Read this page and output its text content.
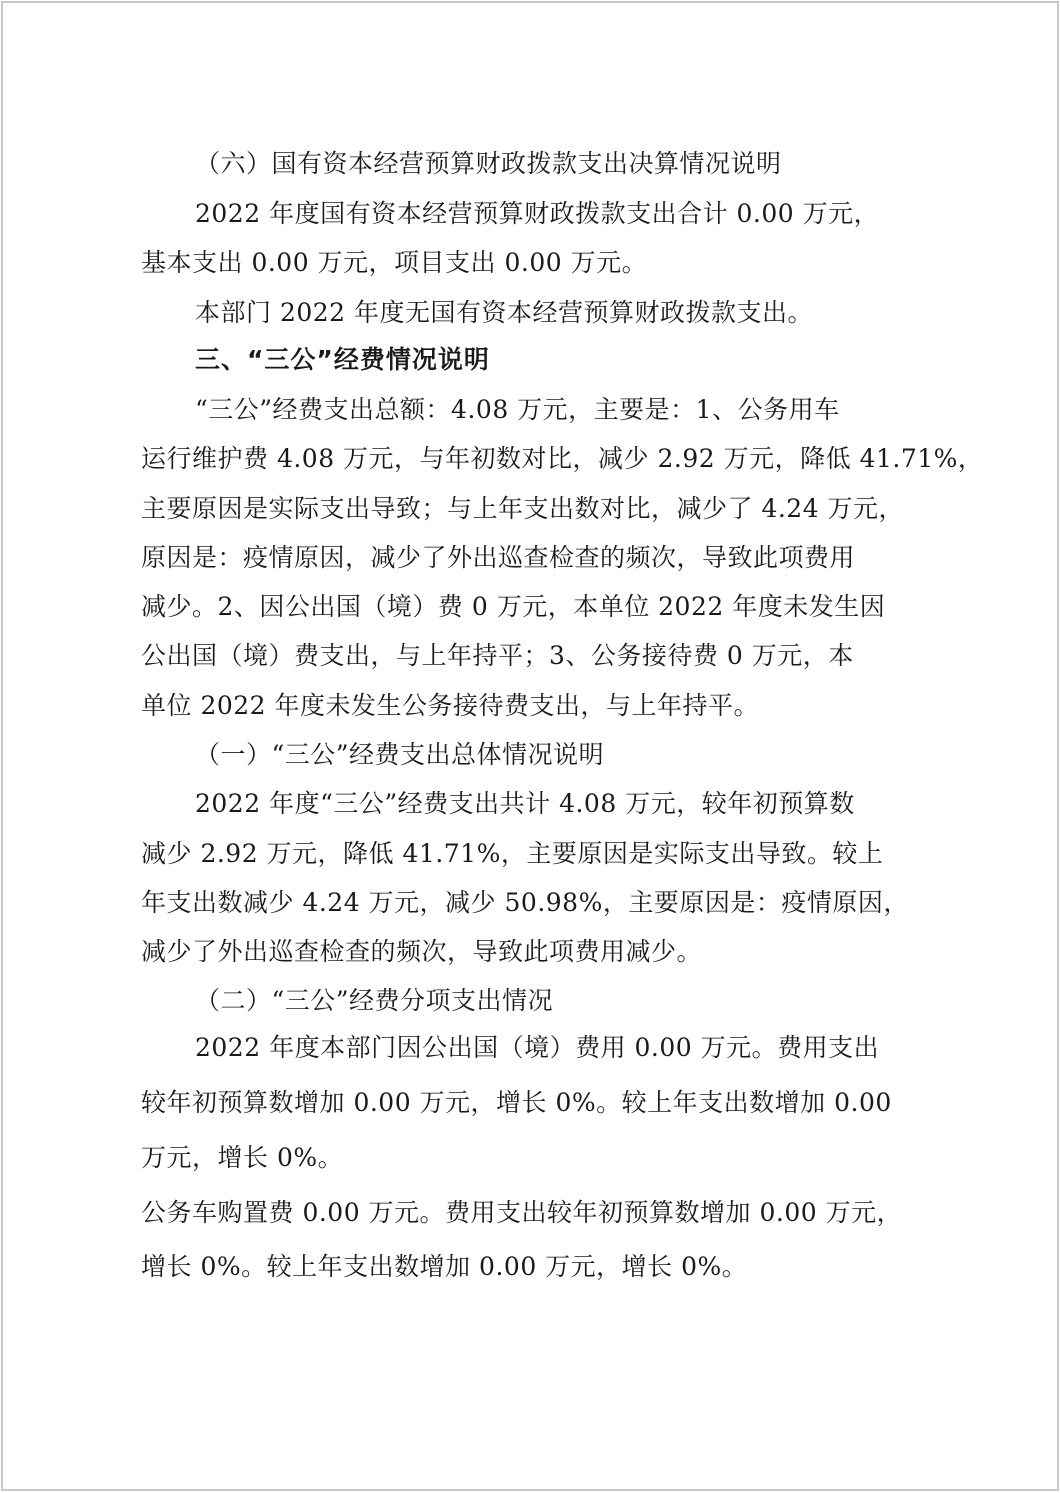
（六）国有资本经营预算财政拨款支出决算情况说明
2022 年度国有资本经营预算财政拨款支出合计 0.00 万元，
基本支出 0.00 万元，项目支出 0.00 万元。
本部门 2022 年度无国有资本经营预算财政拨款支出。
三、“三公”经费情况说明
“三公”经费支出总额：4.08 万元，主要是：1、公务用车
运行维护费 4.08 万元，与年初数对比，减少 2.92 万元，降低 41.71%，
主要原因是实际支出导致；与上年支出数对比，减少了 4.24 万元，
原因是：疫情原因，减少了外出巡查检查的频次，导致此项费用
减少。2、因公出国（境）费 0 万元，本单位 2022 年度未发生因
公出国（境）费支出，与上年持平；3、公务接待费 0 万元，本
单位 2022 年度未发生公务接待费支出，与上年持平。
（一）“三公”经费支出总体情况说明
2022 年度“三公”经费支出共计 4.08 万元，较年初预算数
减少 2.92 万元，降低 41.71%，主要原因是实际支出导致。较上
年支出数减少 4.24 万元，减少 50.98%，主要原因是：疫情原因，
减少了外出巡查检查的频次，导致此项费用减少。
（二）“三公”经费分项支出情况
2022 年度本部门因公出国（境）费用 0.00 万元。费用支出
较年初预算数增加 0.00 万元，增长 0%。较上年支出数增加 0.00
万元，增长 0%。
公务车购置费 0.00 万元。费用支出较年初预算数增加 0.00 万元，
增长 0%。较上年支出数增加 0.00 万元，增长 0%。
